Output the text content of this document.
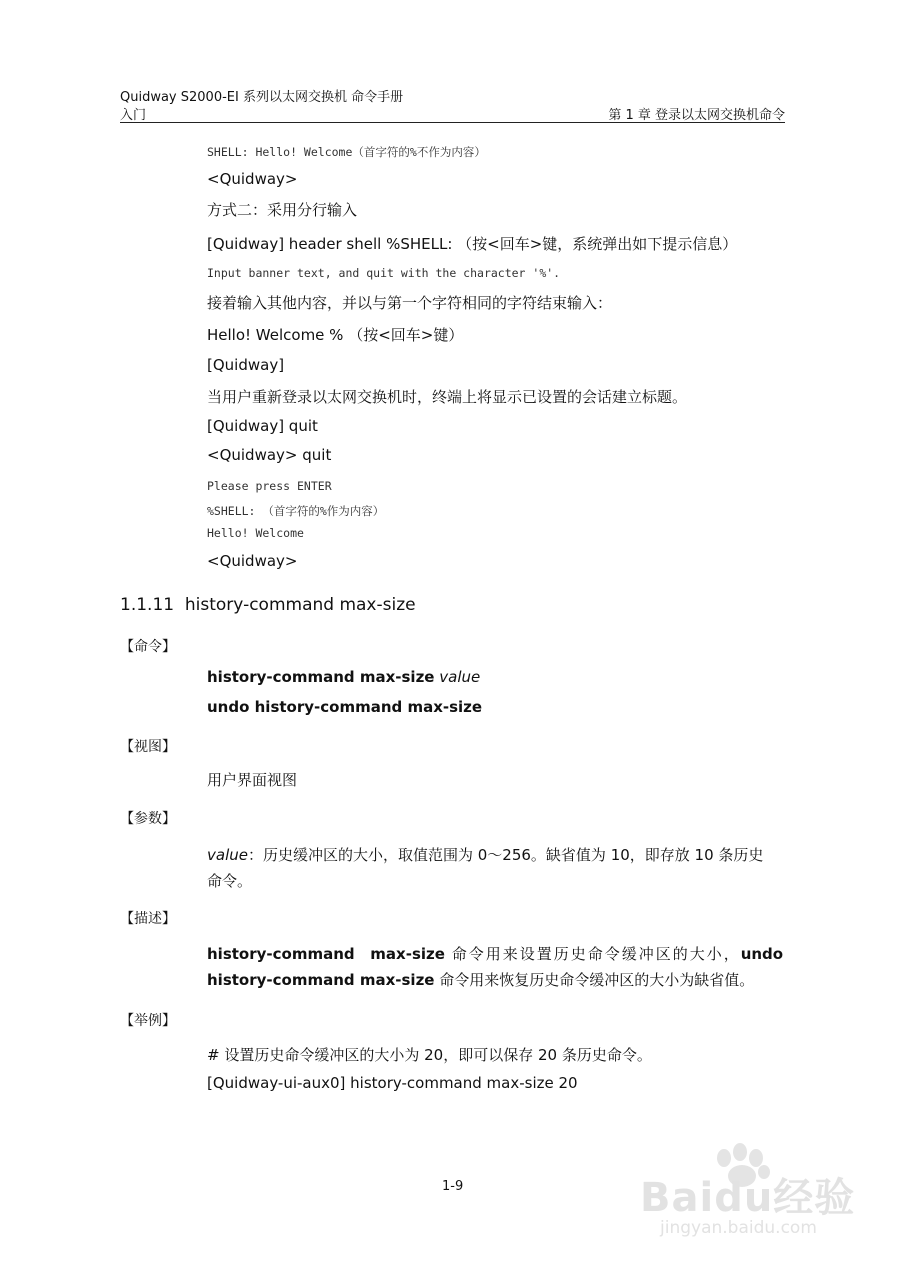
Quidway S2000-EI 系列以太网交换机 命令手册
入门	第 1 章 登录以太网交换机命令
SHELL: Hello! Welcome（首字符的%不作为内容）
<Quidway>
方式二：采用分行输入
[Quidway] header shell %SHELL: （按<回车>键，系统弹出如下提示信息）
Input banner text, and quit with the character '%'.
接着输入其他内容，并以与第一个字符相同的字符结束输入：
Hello! Welcome % （按<回车>键）
[Quidway]
当用户重新登录以太网交换机时，终端上将显示已设置的会话建立标题。
[Quidway] quit
<Quidway> quit
Please press ENTER
%SHELL: （首字符的%作为内容）
Hello! Welcome
<Quidway>
1.1.11 history-command max-size
【命令】
history-command max-size value
undo history-command max-size
【视图】
用户界面视图
【参数】
value：历史缓冲区的大小，取值范围为 0～256。缺省值为 10，即存放 10 条历史
命令。
【描述】
history-command   max-size 命令用来设置历史命令缓冲区的大小，undo
history-command max-size 命令用来恢复历史命令缓冲区的大小为缺省值。
【举例】
# 设置历史命令缓冲区的大小为 20，即可以保存 20 条历史命令。
[Quidway-ui-aux0] history-command max-size 20
1-9	Baidu经验
jingyan.baidu.com
